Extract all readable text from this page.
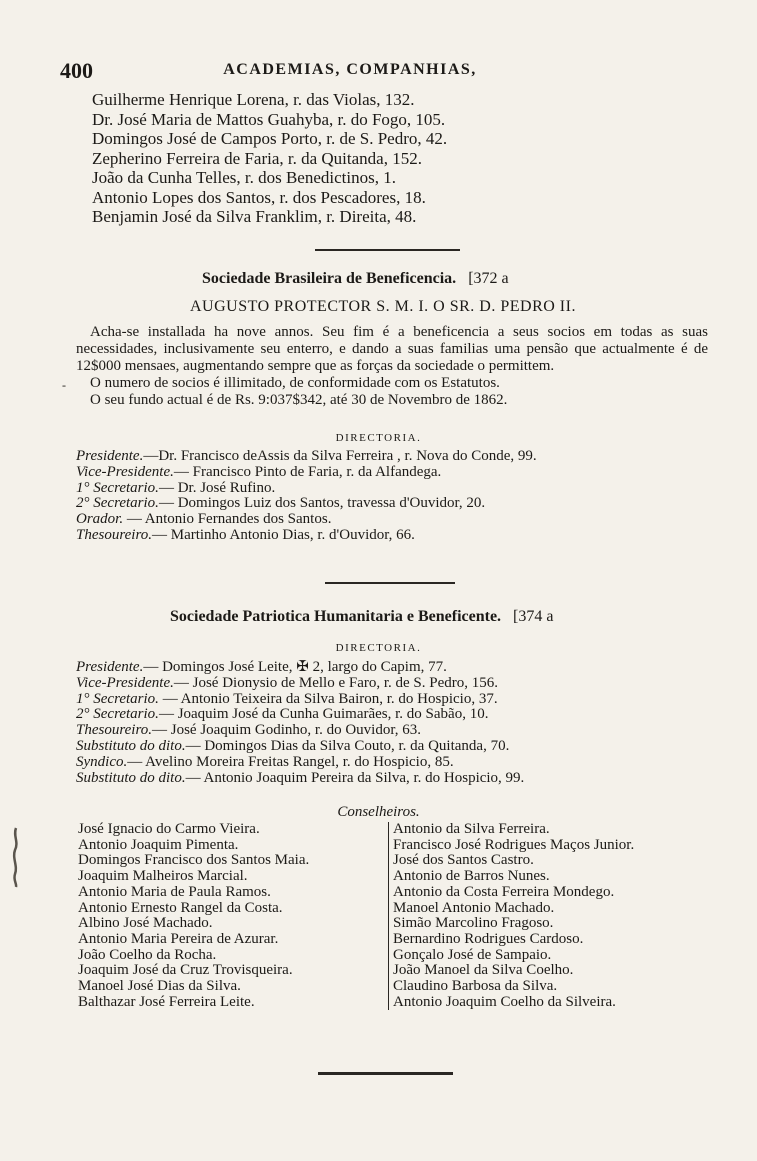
400	ACADEMIAS, COMPANHIAS,
Guilherme Henrique Lorena, r. das Violas, 132.
Dr. José Maria de Mattos Guahyba, r. do Fogo, 105.
Domingos José de Campos Porto, r. de S. Pedro, 42.
Zepherino Ferreira de Faria, r. da Quitanda, 152.
João da Cunha Telles, r. dos Benedictinos, 1.
Antonio Lopes dos Santos, r. dos Pescadores, 18.
Benjamin José da Silva Franklim, r. Direita, 48.
Sociedade Brasileira de Beneficencia. [372 a
AUGUSTO PROTECTOR S. M. I. O SR. D. PEDRO II.

Acha-se installada ha nove annos. Seu fim é a beneficencia a seus socios em todas as suas necessidades, inclusivamente seu enterro, e dando a suas familias uma pensão que actualmente é de 12$000 mensaes, augmentando sempre que as forças da sociedade o permittem.

O numero de socios é illimitado, de conformidade com os Estatutos.

O seu fundo actual é de Rs. 9:037$342, até 30 de Novembro de 1862.

-
DIRECTORIA.
Presidente.—Dr. Francisco deAssis da Silva Ferreira , r. Nova do Conde, 99.
Vice-Presidente.— Francisco Pinto de Faria, r. da Alfandega.
1° Secretario.— Dr. José Rufino.
2° Secretario.— Domingos Luiz dos Santos, travessa d'Ouvidor, 20.
Orador. — Antonio Fernandes dos Santos.
Thesoureiro.— Martinho Antonio Dias, r. d'Ouvidor, 66.
Sociedade Patriotica Humanitaria e Beneficente. [374 a
DIRECTORIA.
Presidente.— Domingos José Leite, ✠ 2, largo do Capim, 77.
Vice-Presidente.— José Dionysio de Mello e Faro, r. de S. Pedro, 156.
1° Secretario. — Antonio Teixeira da Silva Bairon, r. do Hospicio, 37.
2° Secretario.— Joaquim José da Cunha Guimarães, r. do Sabão, 10.
Thesoureiro.— José Joaquim Godinho, r. do Ouvidor, 63.
Substituto do dito.— Domingos Dias da Silva Couto, r. da Quitanda, 70.
Syndico.— Avelino Moreira Freitas Rangel, r. do Hospicio, 85.
Substituto do dito.— Antonio Joaquim Pereira da Silva, r. do Hospicio, 99.
Conselheiros.
José Ignacio do Carmo Vieira.
Antonio Joaquim Pimenta.
Domingos Francisco dos Santos Maia.
Joaquim Malheiros Marcial.
Antonio Maria de Paula Ramos.
Antonio Ernesto Rangel da Costa.
Albino José Machado.
Antonio Maria Pereira de Azurar.
João Coelho da Rocha.
Joaquim José da Cruz Trovisqueira.
Manoel José Dias da Silva.
Balthazar José Ferreira Leite.
Antonio da Silva Ferreira.
Francisco José Rodrigues Maços Junior.
José dos Santos Castro.
Antonio de Barros Nunes.
Antonio da Costa Ferreira Mondego.
Manoel Antonio Machado.
Simão Marcolino Fragoso.
Bernardino Rodrigues Cardoso.
Gonçalo José de Sampaio.
João Manoel da Silva Coelho.
Claudino Barbosa da Silva.
Antonio Joaquim Coelho da Silveira.
